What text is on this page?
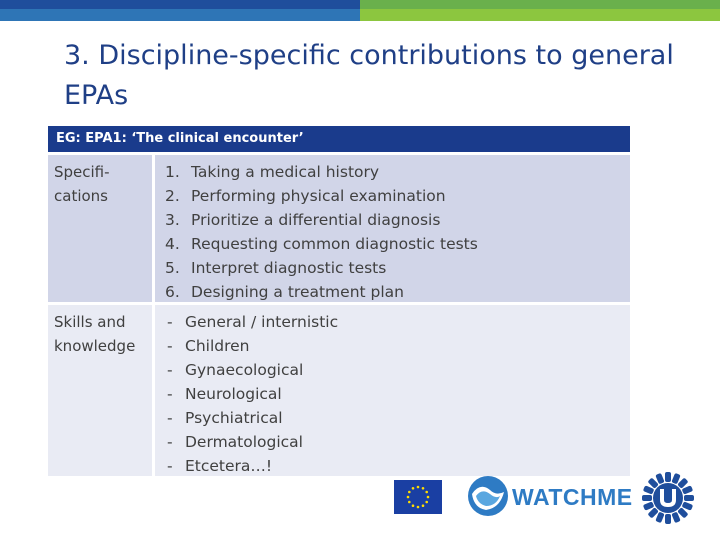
3. Discipline-specific contributions to general EPAs
EG: EPA1: ‘The clinical encounter’
Specifi-cations
1. Taking a medical history
2. Performing physical examination
3. Prioritize a differential diagnosis
4. Requesting common diagnostic tests
5. Interpret diagnostic tests
6. Designing a treatment plan
Skills and knowledge
- General / internistic
- Children
- Gynaecological
- Neurological
- Psychiatrical
- Dermatological
- Etcetera…!
WATCHME
